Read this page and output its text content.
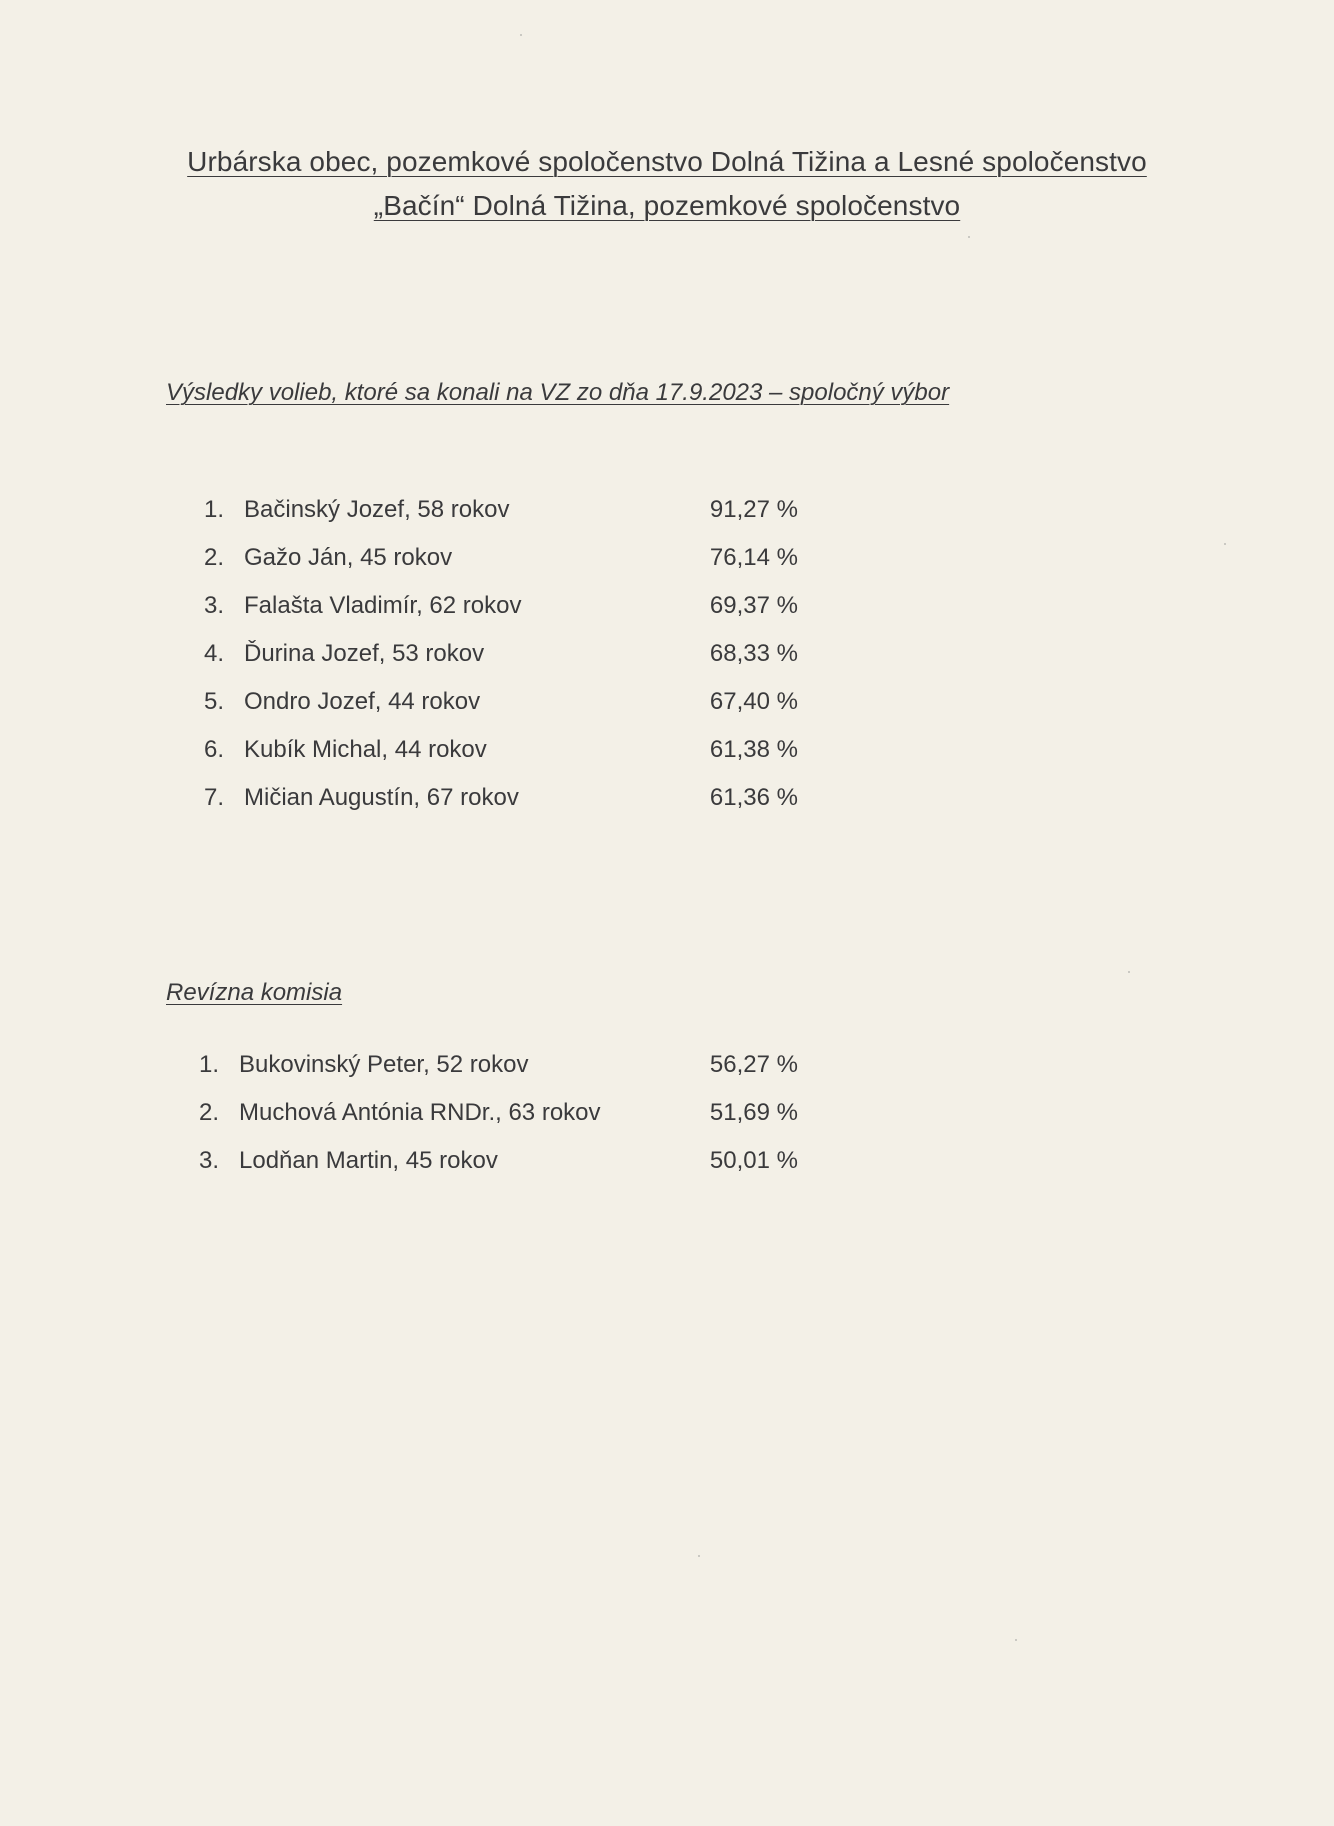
Urbárska obec, pozemkové spoločenstvo Dolná Tižina a Lesné spoločenstvo
„Bačín“ Dolná Tižina, pozemkové spoločenstvo
Výsledky volieb, ktoré sa konali na VZ zo dňa 17.9.2023 – spoločný výbor
1. Bačinský Jozef, 58 rokov	91,27 %
2. Gažo Ján, 45 rokov	76,14 %
3. Falašta Vladimír, 62 rokov	69,37 %
4. Ďurina Jozef, 53 rokov	68,33 %
5. Ondro Jozef, 44 rokov	67,40 %
6. Kubík Michal, 44 rokov	61,38 %
7. Mičian Augustín, 67 rokov	61,36 %
Revízna komisia
1. Bukovinský Peter, 52 rokov	56,27 %
2. Muchová Antónia RNDr., 63 rokov	51,69 %
3. Lodňan Martin, 45 rokov	50,01 %
